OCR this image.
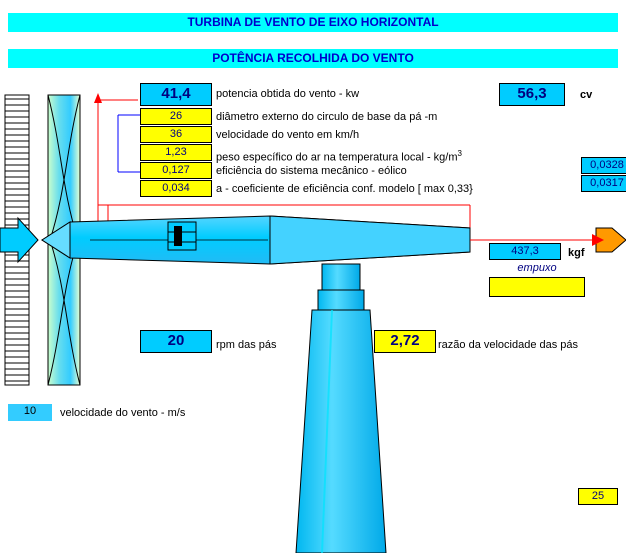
TURBINA DE VENTO DE EIXO HORIZONTAL
POTÊNCIA RECOLHIDA DO VENTO
41,4	potencia obtida do vento - kw
26	diâmetro externo do circulo de base da pá -m
36	velocidade do vento em km/h
1,23	peso específico do ar na temperatura local - $kg/m^3$
0,127	eficiência do sistema mecânico - eólico
0,034	a - coeficiente de eficiência conf. modelo [ max 0,33}
56,3	cv
0,0328
0,0317
437,3	kgf
empuxo
20	rpm das pás	2,72	razão da velocidade das pás
10	velocidade do vento - m/s
25
